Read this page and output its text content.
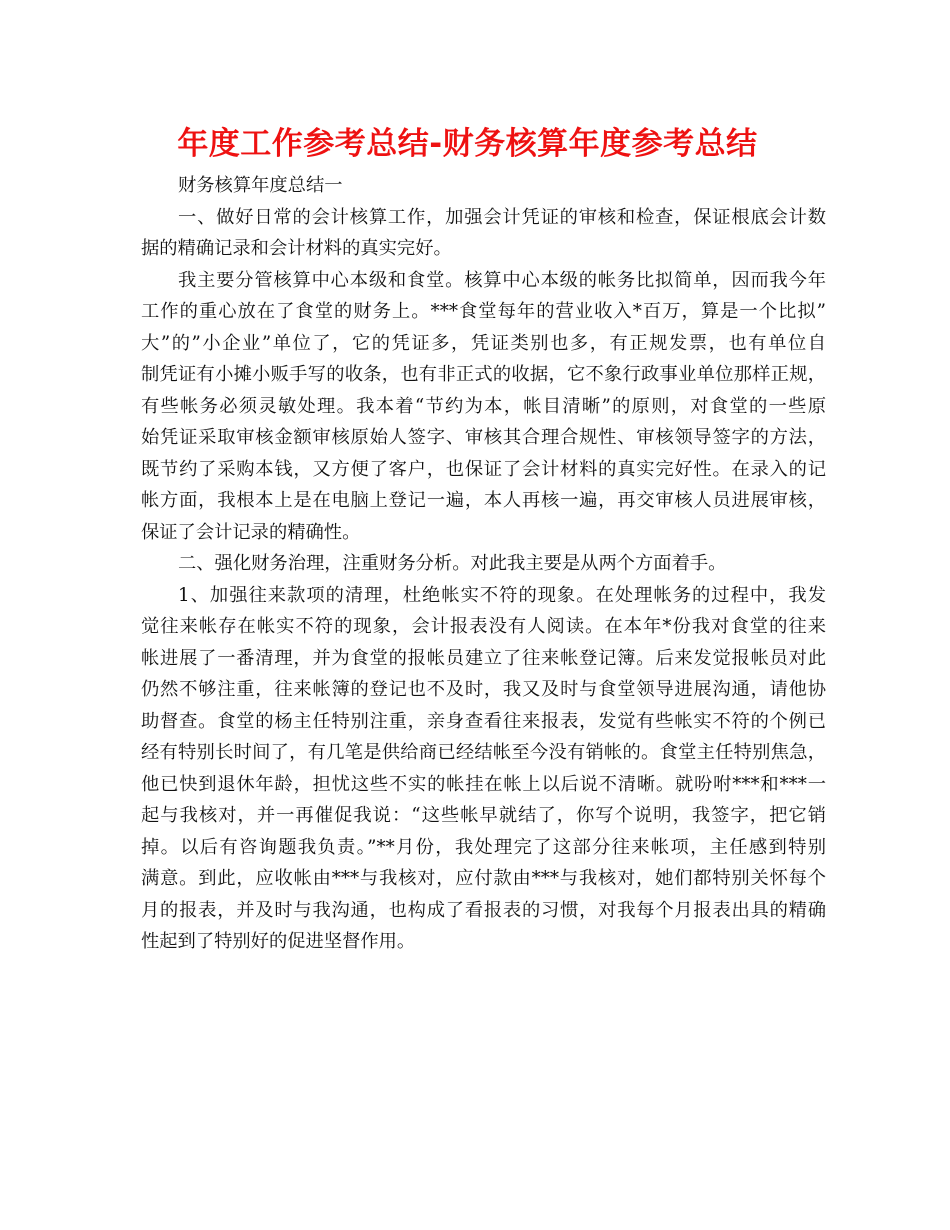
年度工作参考总结-财务核算年度参考总结
财务核算年度总结一
一、做好日常的会计核算工作，加强会计凭证的审核和检查，保证根底会计数
据的精确记录和会计材料的真实完好。
我主要分管核算中心本级和食堂。核算中心本级的帐务比拟简单，因而我今年
工作的重心放在了食堂的财务上。***食堂每年的营业收入*百万，算是一个比拟”
大”的”小企业”单位了，它的凭证多，凭证类别也多，有正规发票，也有单位自
制凭证有小摊小贩手写的收条，也有非正式的收据，它不象行政事业单位那样正规，
有些帐务必须灵敏处理。我本着“节约为本，帐目清晰”的原则，对食堂的一些原
始凭证采取审核金额审核原始人签字、审核其合理合规性、审核领导签字的方法，
既节约了采购本钱，又方便了客户，也保证了会计材料的真实完好性。在录入的记
帐方面，我根本上是在电脑上登记一遍，本人再核一遍，再交审核人员进展审核，
保证了会计记录的精确性。
二、强化财务治理，注重财务分析。对此我主要是从两个方面着手。
1、加强往来款项的清理，杜绝帐实不符的现象。在处理帐务的过程中，我发
觉往来帐存在帐实不符的现象，会计报表没有人阅读。在本年*份我对食堂的往来
帐进展了一番清理，并为食堂的报帐员建立了往来帐登记簿。后来发觉报帐员对此
仍然不够注重，往来帐簿的登记也不及时，我又及时与食堂领导进展沟通，请他协
助督查。食堂的杨主任特别注重，亲身查看往来报表，发觉有些帐实不符的个例已
经有特别长时间了，有几笔是供给商已经结帐至今没有销帐的。食堂主任特别焦急，
他已快到退休年龄，担忧这些不实的帐挂在帐上以后说不清晰。就吩咐***和***一
起与我核对，并一再催促我说：“这些帐早就结了，你写个说明，我签字，把它销
掉。以后有咨询题我负责。”**月份，我处理完了这部分往来帐项，主任感到特别
满意。到此，应收帐由***与我核对，应付款由***与我核对，她们都特别关怀每个
月的报表，并及时与我沟通，也构成了看报表的习惯，对我每个月报表出具的精确
性起到了特别好的促进坚督作用。
